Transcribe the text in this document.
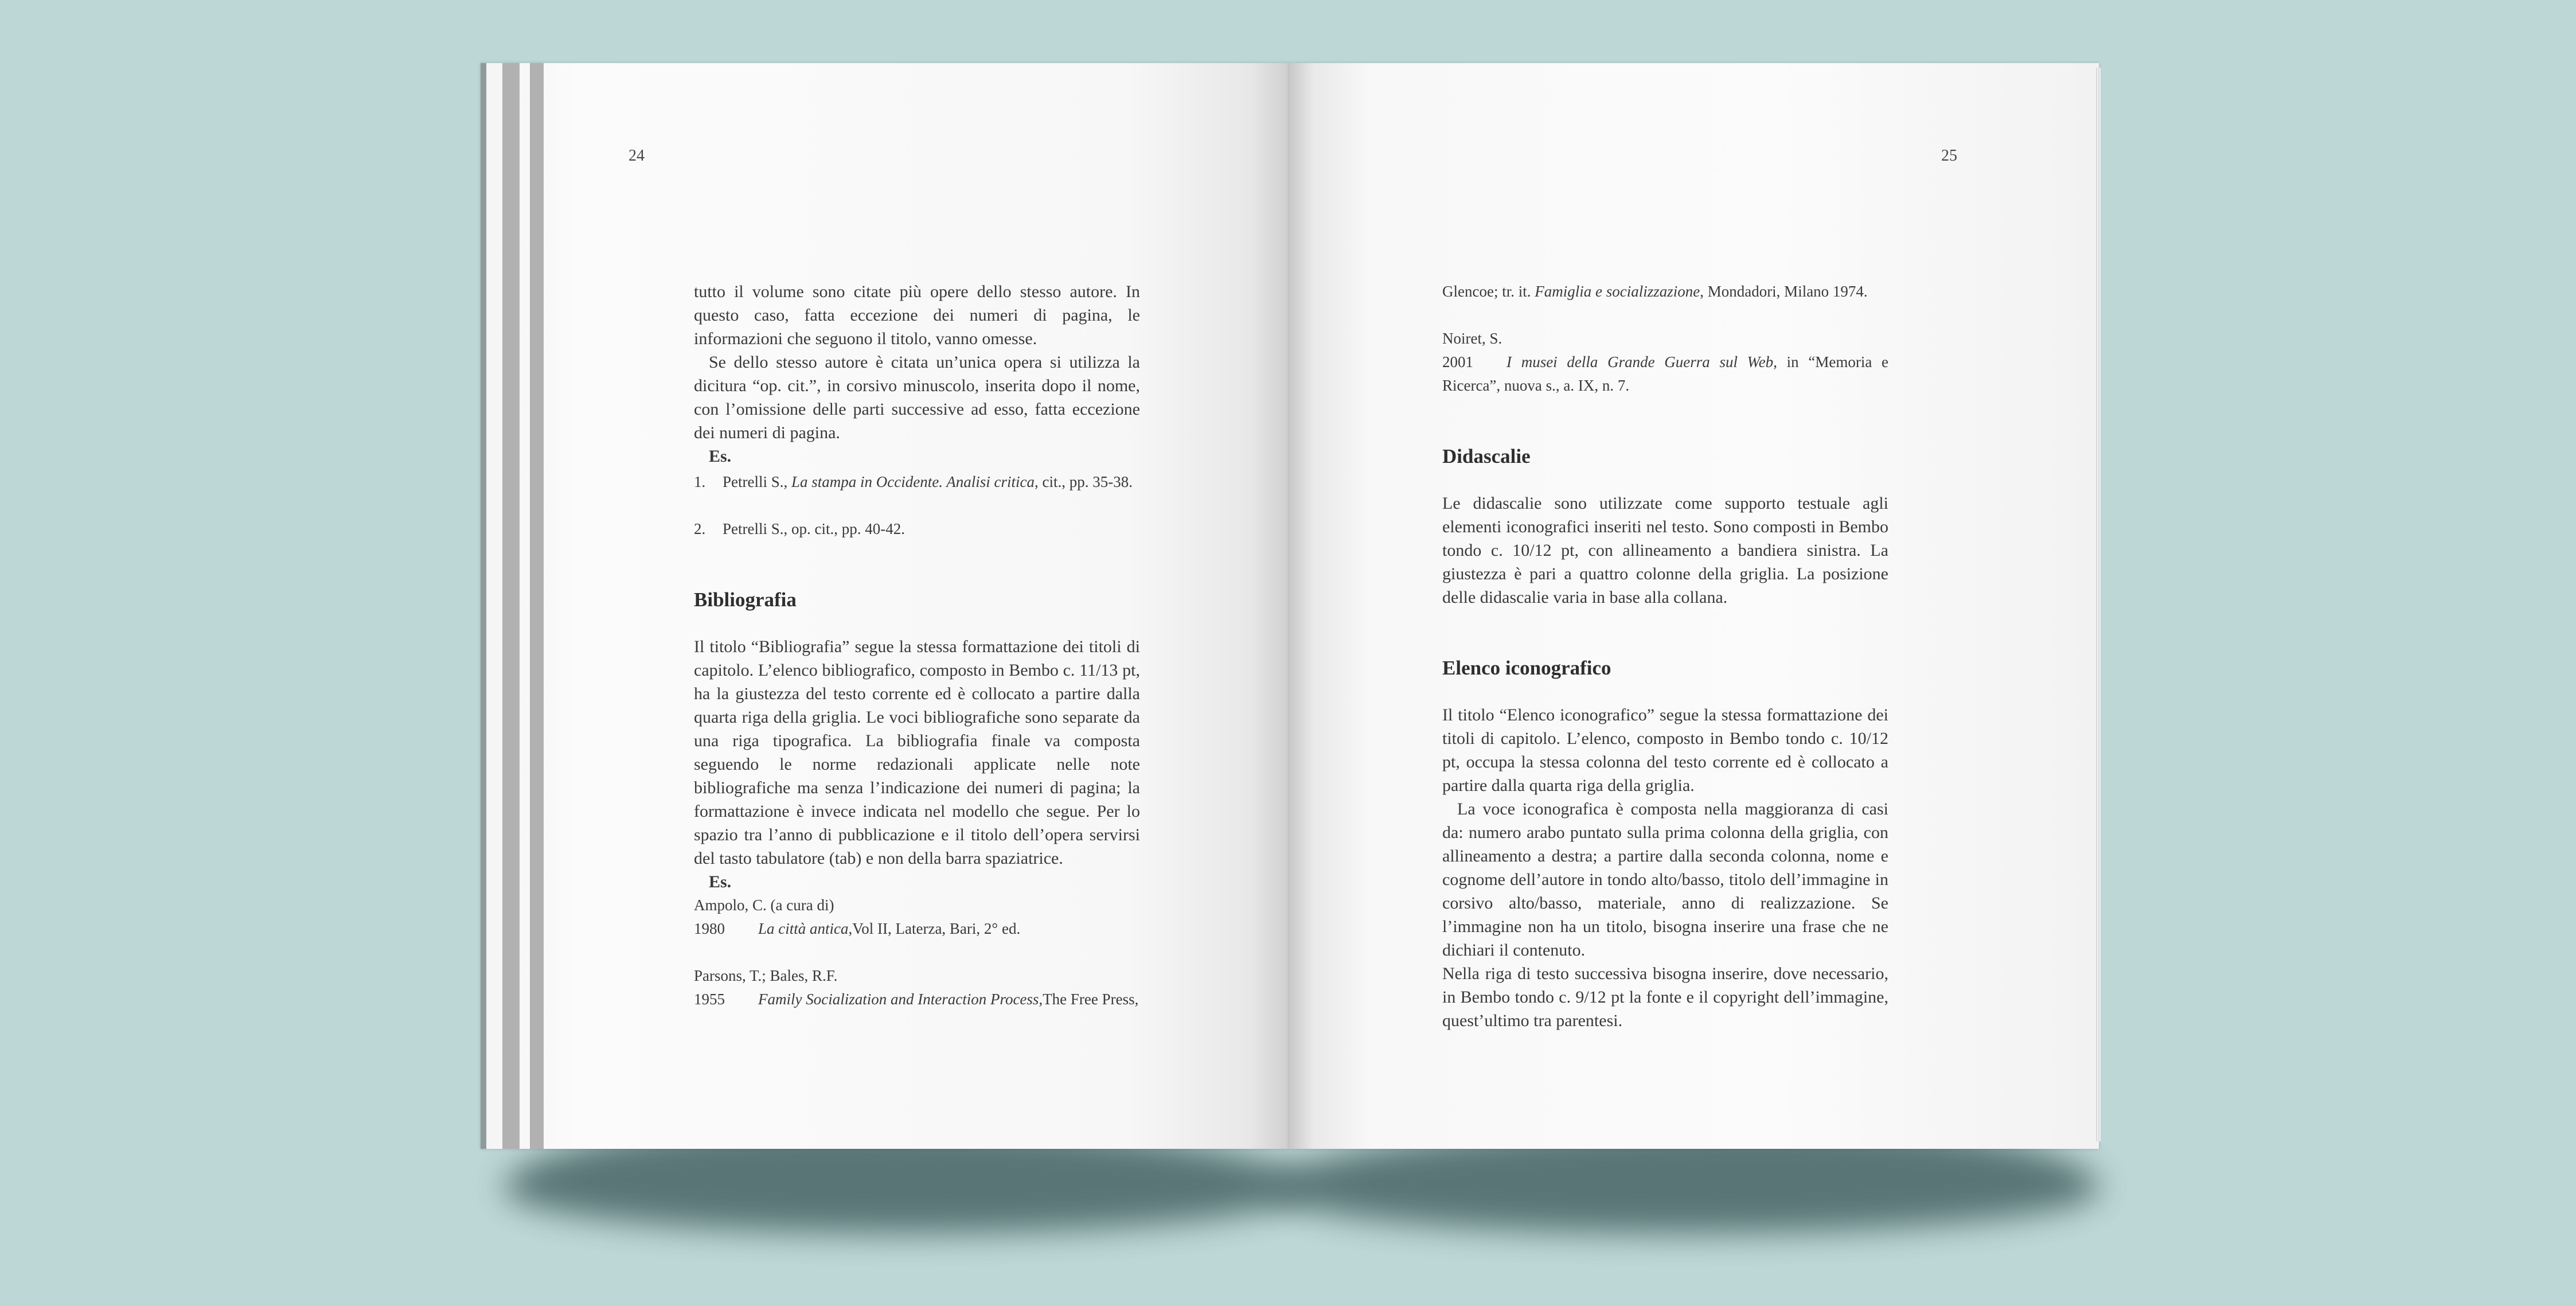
24

tutto il volume sono citate più opere dello stesso autore. In questo caso, fatta eccezione dei numeri di pagina, le informazioni che seguono il titolo, vanno omesse.

Se dello stesso autore è citata un’unica opera si utilizza la dicitura “op. cit.”, in corsivo minuscolo, inserita dopo il nome, con l’omissione delle parti successive ad esso, fatta eccezione dei numeri di pagina.

Es.

1. Petrelli S., La stampa in Occidente. Analisi critica, cit., pp. 35-38.

2. Petrelli S., op. cit., pp. 40-42.

Bibliografia

Il titolo “Bibliografia” segue la stessa formattazione dei titoli di capitolo. L’elenco bibliografico, composto in Bembo c. 11/13 pt, ha la giustezza del testo corrente ed è collocato a partire dalla quarta riga della griglia. Le voci bibliografiche sono separate da una riga tipografica. La bibliografia finale va composta seguendo le norme redazionali applicate nelle note bibliografiche ma senza l’indicazione dei numeri di pagina; la formattazione è invece indicata nel modello che segue. Per lo spazio tra l’anno di pubblicazione e il titolo dell’opera servirsi del tasto tabulatore (tab) e non della barra spaziatrice.

Es.

Ampolo, C. (a cura di)

1980 La città antica,Vol II, Laterza, Bari, 2° ed.

Parsons, T.; Bales, R.F.

1955 Family Socialization and Interaction Process,The Free Press,

25

Glencoe; tr. it. Famiglia e socializzazione, Mondadori, Milano 1974.

Noiret, S.

2001 I musei della Grande Guerra sul Web, in “Memoria e Ricerca”, nuova s., a. IX, n. 7.

Didascalie

Le didascalie sono utilizzate come supporto testuale agli elementi iconografici inseriti nel testo. Sono composti in Bembo tondo c. 10/12 pt, con allineamento a bandiera sinistra. La giustezza è pari a quattro colonne della griglia. La posizione delle didascalie varia in base alla collana.

Elenco iconografico

Il titolo “Elenco iconografico” segue la stessa formattazione dei titoli di capitolo. L’elenco, composto in Bembo tondo c. 10/12 pt, occupa la stessa colonna del testo corrente ed è collocato a partire dalla quarta riga della griglia.

La voce iconografica è composta nella maggioranza di casi da: numero arabo puntato sulla prima colonna della griglia, con allineamento a destra; a partire dalla seconda colonna, nome e cognome dell’autore in tondo alto/basso, titolo dell’immagine in corsivo alto/basso, materiale, anno di realizzazione. Se l’immagine non ha un titolo, bisogna inserire una frase che ne dichiari il contenuto.

Nella riga di testo successiva bisogna inserire, dove necessario, in Bembo tondo c. 9/12 pt la fonte e il copyright dell’immagine, quest’ultimo tra parentesi.
